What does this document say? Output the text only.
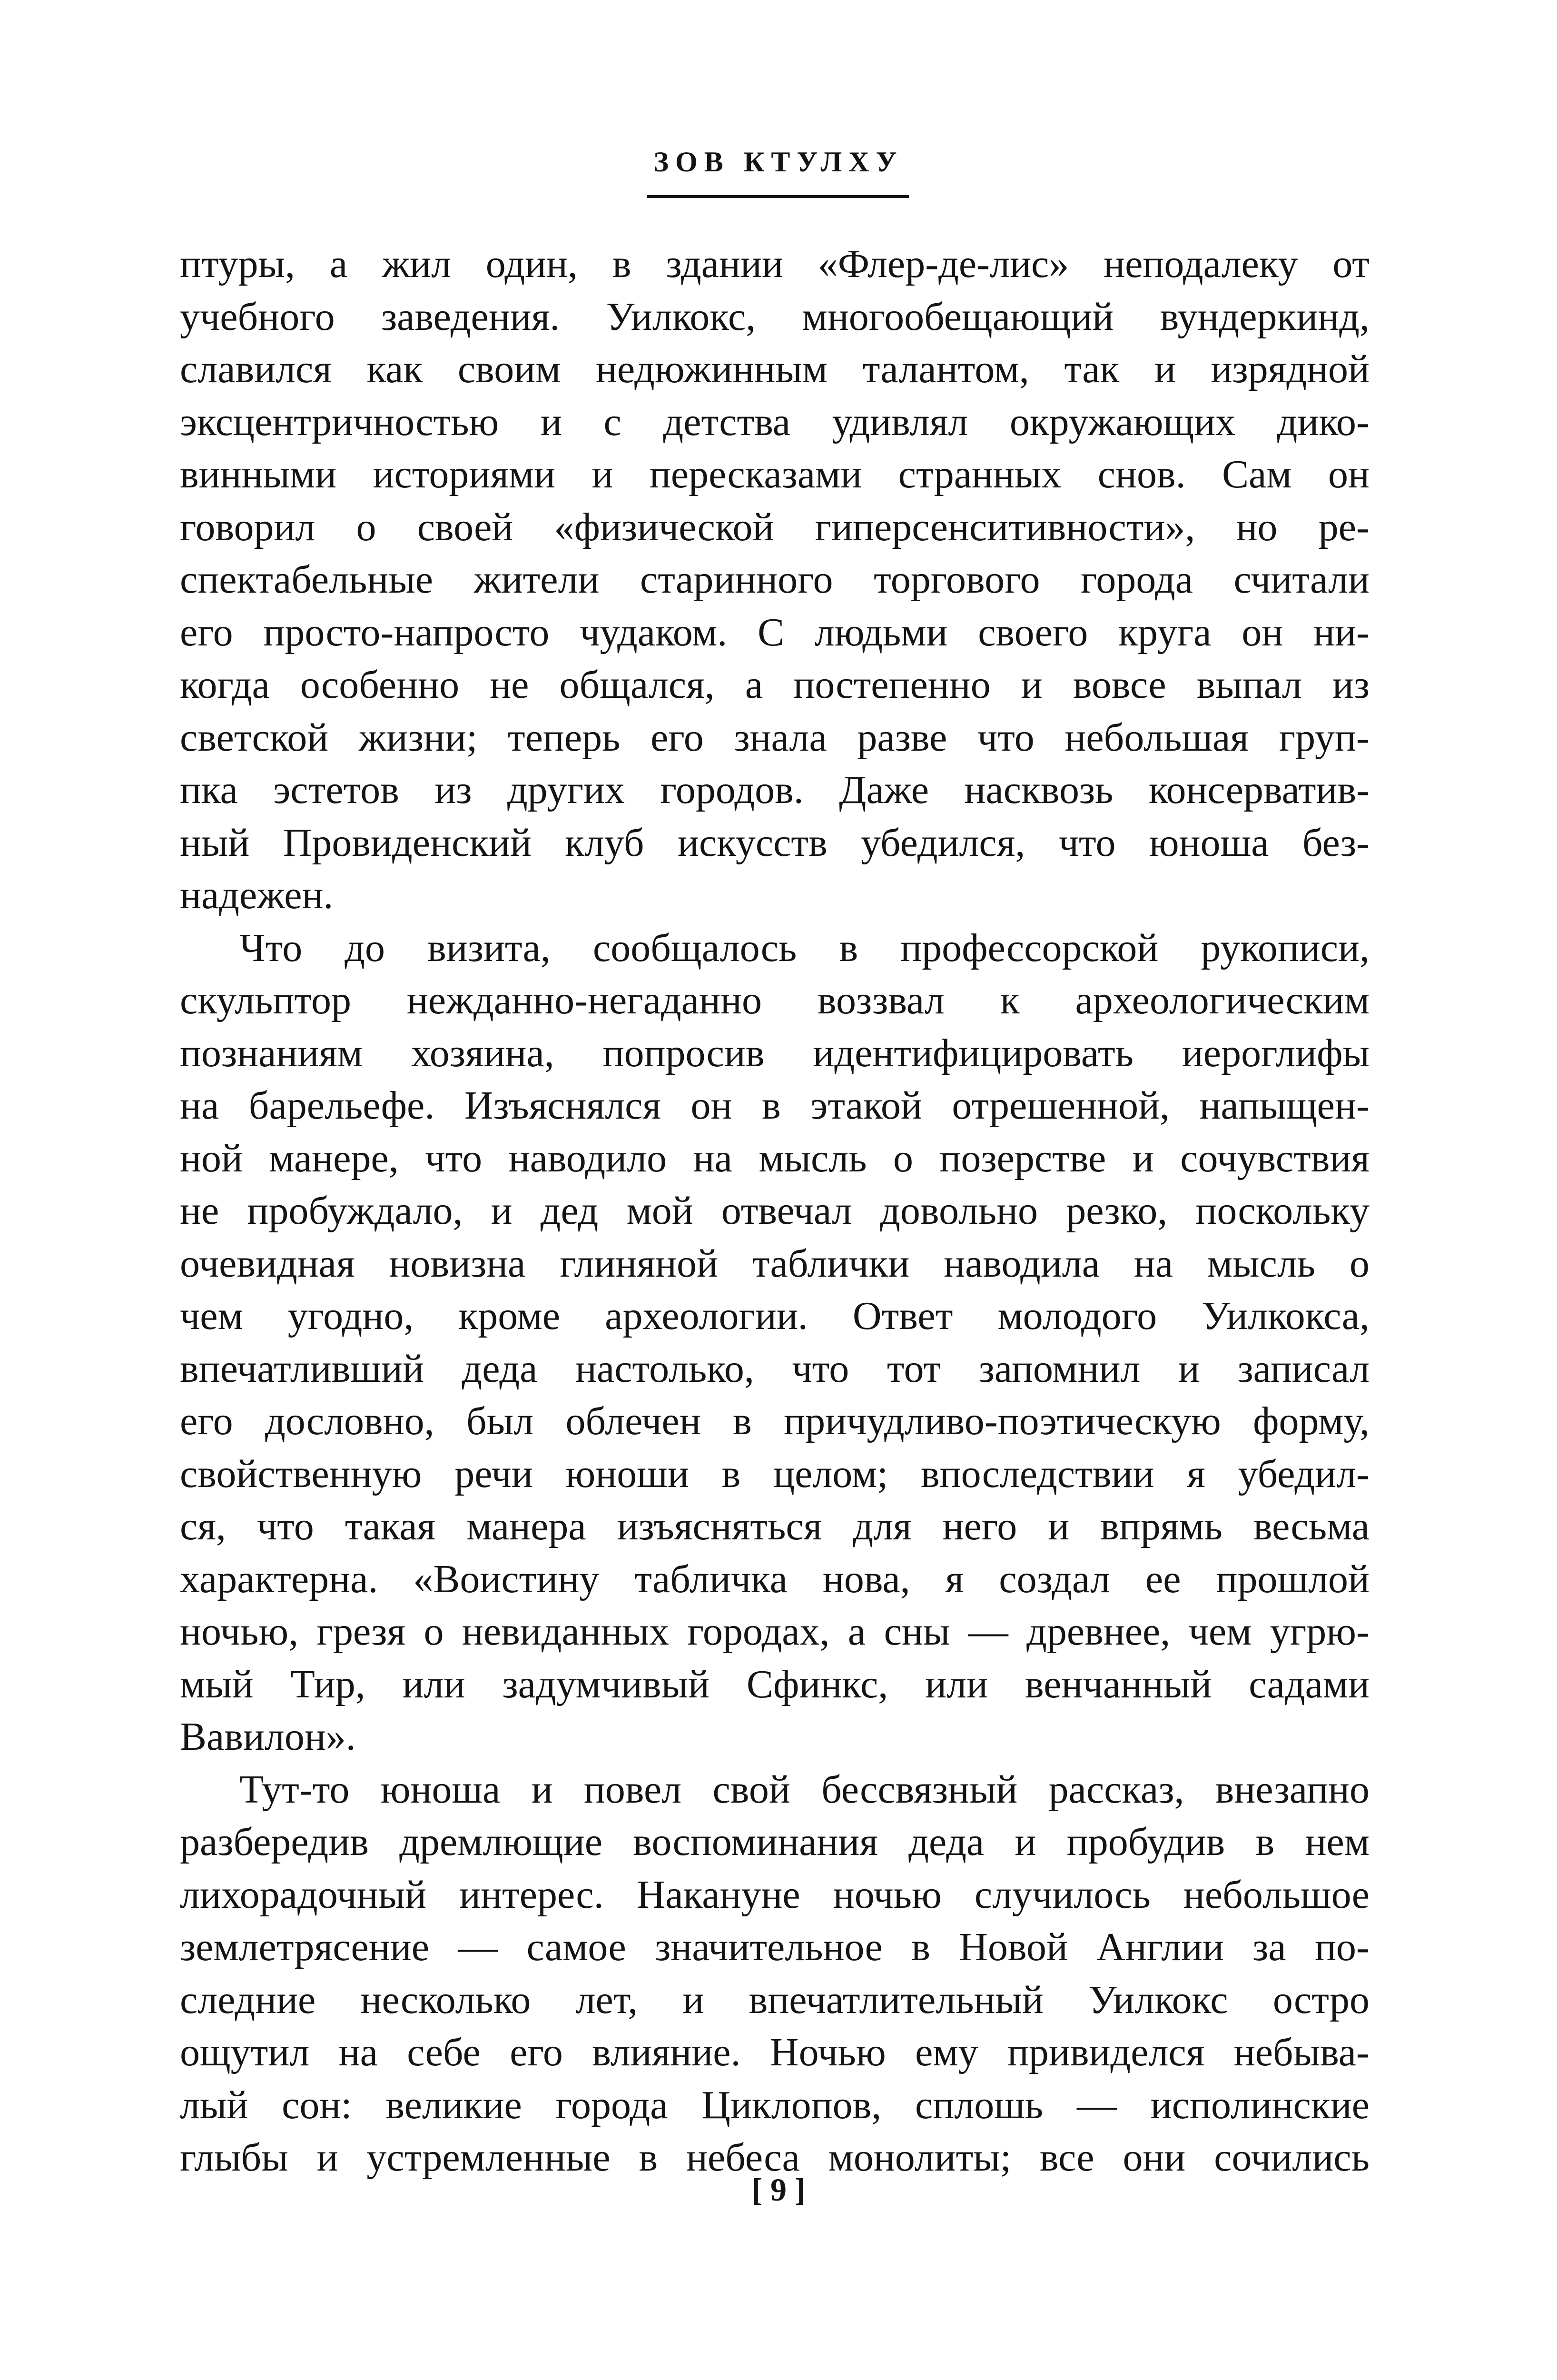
ЗОВ КТУЛХУ
птуры, а жил один, в здании «Флер-де-лис» неподалеку от
учебного заведения. Уилкокс, многообещающий вундеркинд,
славился как своим недюжинным талантом, так и изрядной
эксцентричностью и с детства удивлял окружающих дико-
винными историями и пересказами странных снов. Сам он
говорил о своей «физической гиперсенситивности», но ре-
спектабельные жители старинного торгового города считали
его просто-напросто чудаком. С людьми своего круга он ни-
когда особенно не общался, а постепенно и вовсе выпал из
светской жизни; теперь его знала разве что небольшая груп-
пка эстетов из других городов. Даже насквозь консерватив-
ный Провиденский клуб искусств убедился, что юноша без-
надежен.
Что до визита, сообщалось в профессорской рукописи,
скульптор нежданно-негаданно воззвал к археологическим
познаниям хозяина, попросив идентифицировать иероглифы
на барельефе. Изъяснялся он в этакой отрешенной, напыщен-
ной манере, что наводило на мысль о позерстве и сочувствия
не пробуждало, и дед мой отвечал довольно резко, поскольку
очевидная новизна глиняной таблички наводила на мысль о
чем угодно, кроме археологии. Ответ молодого Уилкокса,
впечатливший деда настолько, что тот запомнил и записал
его дословно, был облечен в причудливо-поэтическую форму,
свойственную речи юноши в целом; впоследствии я убедил-
ся, что такая манера изъясняться для него и впрямь весьма
характерна. «Воистину табличка нова, я создал ее прошлой
ночью, грезя о невиданных городах, а сны — древнее, чем угрю-
мый Тир, или задумчивый Сфинкс, или венчанный садами
Вавилон».
Тут-то юноша и повел свой бессвязный рассказ, внезапно
разбередив дремлющие воспоминания деда и пробудив в нем
лихорадочный интерес. Накануне ночью случилось небольшое
землетрясение — самое значительное в Новой Англии за по-
следние несколько лет, и впечатлительный Уилкокс остро
ощутил на себе его влияние. Ночью ему привиделся небыва-
лый сон: великие города Циклопов, сплошь — исполинские
глыбы и устремленные в небеса монолиты; все они сочились
[ 9 ]
